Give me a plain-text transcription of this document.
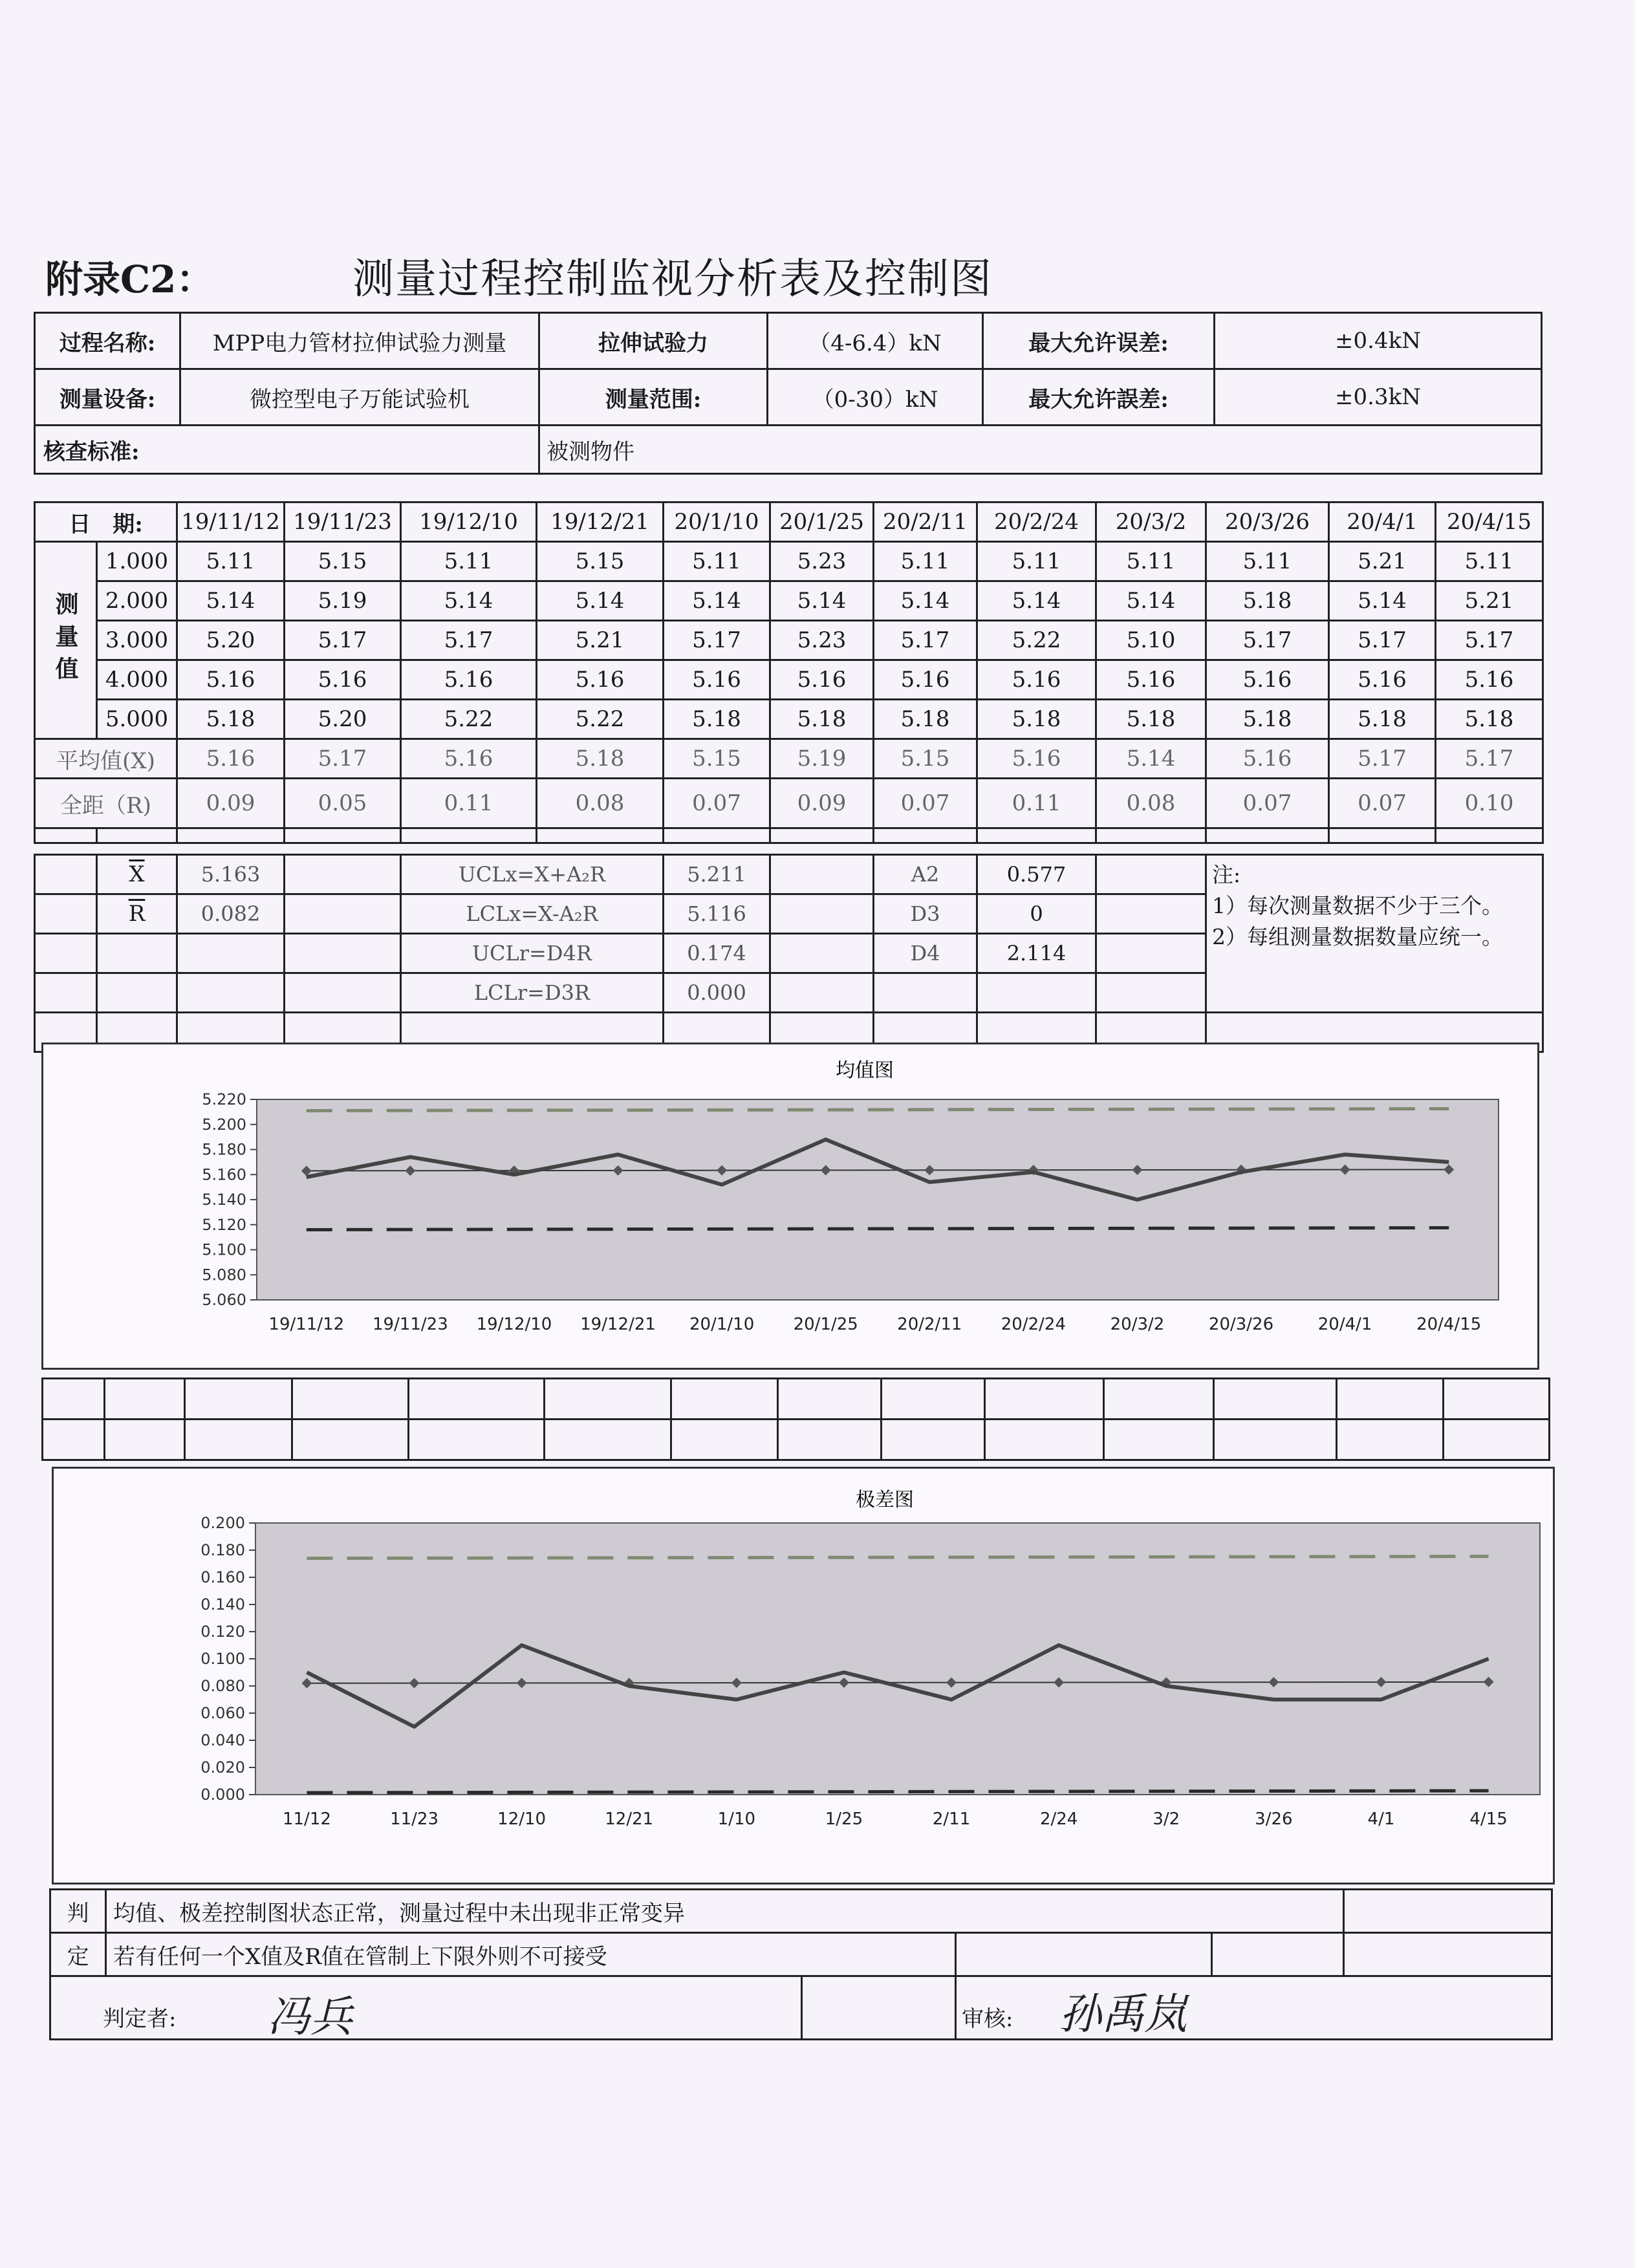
附录C2：	测量过程控制监视分析表及控制图
过程名称:	MPP电力管材拉伸试验力测量	拉伸试验力	（4-6.4）kN	最大允许误差:	±0.4kN
测量设备:	微控型电子万能试验机	测量范围:	（0-30）kN	最大允许誤差:	±0.3kN
核查标准:		被测物件			
日　期:		19/11/12	19/11/23	19/12/10	19/12/21	20/1/10	20/1/25	20/2/11	20/2/24	20/3/2	20/3/26	20/4/1	20/4/15
测量值	1.000	5.11	5.15	5.11	5.15	5.11	5.23	5.11	5.11	5.11	5.11	5.21	5.11
	2.000	5.14	5.19	5.14	5.14	5.14	5.14	5.14	5.14	5.14	5.18	5.14	5.21
	3.000	5.20	5.17	5.17	5.21	5.17	5.23	5.17	5.22	5.10	5.17	5.17	5.17
	4.000	5.16	5.16	5.16	5.16	5.16	5.16	5.16	5.16	5.16	5.16	5.16	5.16
	5.000	5.18	5.20	5.22	5.22	5.18	5.18	5.18	5.18	5.18	5.18	5.18	5.18
平均值(X)		5.16	5.17	5.16	5.18	5.15	5.19	5.15	5.16	5.14	5.16	5.17	5.17
全距（R)		0.09	0.05	0.11	0.08	0.07	0.09	0.07	0.11	0.08	0.07	0.07	0.10

	$\overline{X}$	5.163		UCLx=X+A₂R	5.211		A2	0.577		注:
1）每次测量数据不少于三个。
2）每组测量数据数量应统一。

	$\overline{R}$	0.082		LCLx=X-A₂R	5.116		D3	0		
				UCLr=D4R	0.174		D4	2.114		
				LCLr=D3R	0.000					

均值图
5.220
5.200
5.180
5.160
5.140
5.120
5.100
5.080
5.060
19/11/12 19/11/23 19/12/10 19/12/21 20/1/10 20/1/25 20/2/11 20/2/24	20/3/2	20/3/26	20/4/1	20/4/15

极差图
0.200
0.180
0.160
0.140
0.120
0.100
0.080
0.060
0.040
0.020
0.000
11/12	11/23	12/10	12/21	1/10	1/25	2/11	2/24	3/2	3/26	4/1	4/15
判	均值、极差控制图状态正常，测量过程中未出现非正常变异				
定	若有任何一个X值及R值在管制上下限外则不可接受				
判定者: 冯兵			审核: 孙禹岚		
